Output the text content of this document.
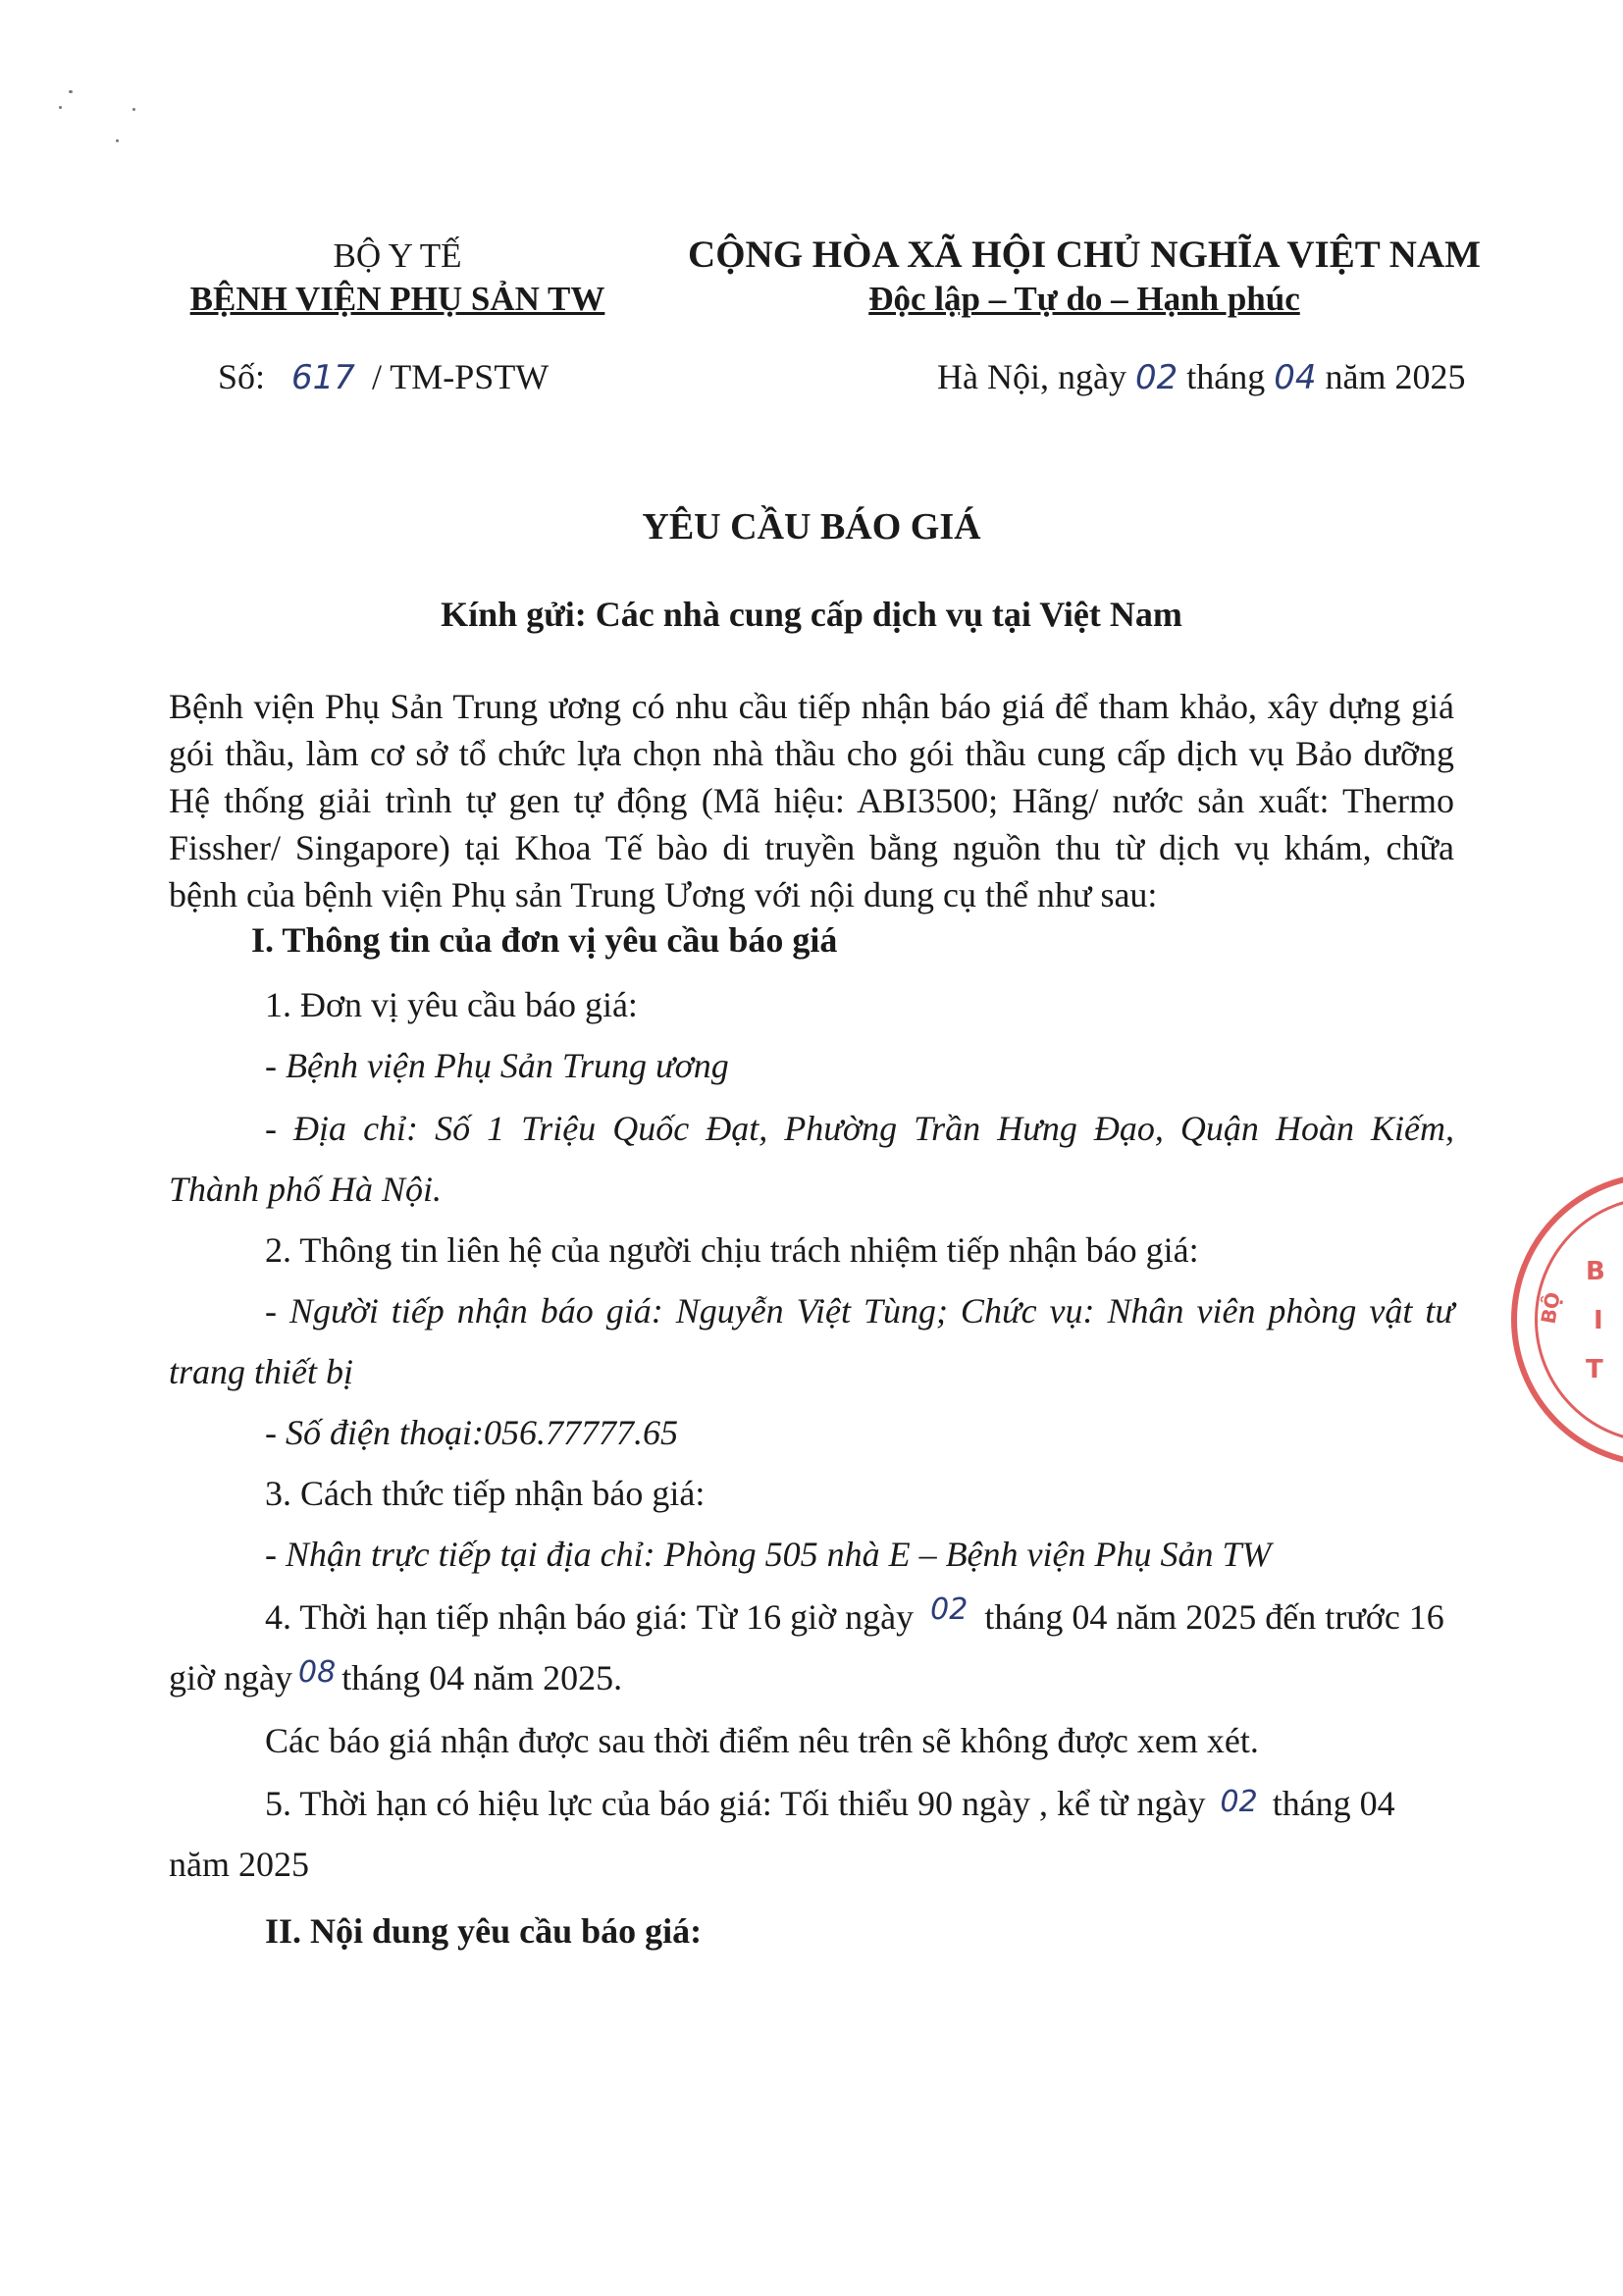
BỘ Y TẾ
BỆNH VIỆN PHỤ SẢN TW
CỘNG HÒA XÃ HỘI CHỦ NGHĨA VIỆT NAM
Độc lập – Tự do – Hạnh phúc
Số: 617 / TM-PSTW	Hà Nội, ngày 02 tháng 04 năm 2025
YÊU CẦU BÁO GIÁ
Kính gửi: Các nhà cung cấp dịch vụ tại Việt Nam
Bệnh viện Phụ Sản Trung ương có nhu cầu tiếp nhận báo giá để tham khảo, xây dựng giá
gói thầu, làm cơ sở tổ chức lựa chọn nhà thầu cho gói thầu cung cấp dịch vụ Bảo dưỡng
Hệ thống giải trình tự gen tự động (Mã hiệu: ABI3500; Hãng/ nước sản xuất: Thermo
Fissher/ Singapore) tại Khoa Tế bào di truyền bằng nguồn thu từ dịch vụ khám, chữa
bệnh của bệnh viện Phụ sản Trung Ương với nội dung cụ thể như sau:
I. Thông tin của đơn vị yêu cầu báo giá
1. Đơn vị yêu cầu báo giá:
- Bệnh viện Phụ Sản Trung ương
- Địa chỉ: Số 1 Triệu Quốc Đạt, Phường Trần Hưng Đạo, Quận Hoàn Kiếm,
Thành phố Hà Nội.
2. Thông tin liên hệ của người chịu trách nhiệm tiếp nhận báo giá:
- Người tiếp nhận báo giá: Nguyễn Việt Tùng; Chức vụ: Nhân viên phòng vật tư
trang thiết bị
- Số điện thoại:056.77777.65
3. Cách thức tiếp nhận báo giá:
- Nhận trực tiếp tại địa chỉ: Phòng 505 nhà E – Bệnh viện Phụ Sản TW
4. Thời hạn tiếp nhận báo giá: Từ 16 giờ ngày $^{02}$ tháng 04 năm 2025 đến trước 16
giờ ngày $^{08}$ tháng 04 năm 2025.
Các báo giá nhận được sau thời điểm nêu trên sẽ không được xem xét.
5. Thời hạn có hiệu lực của báo giá: Tối thiểu 90 ngày , kể từ ngày 02 tháng 04
năm 2025
II. Nội dung yêu cầu báo giá:
B
I
T
BỘ
